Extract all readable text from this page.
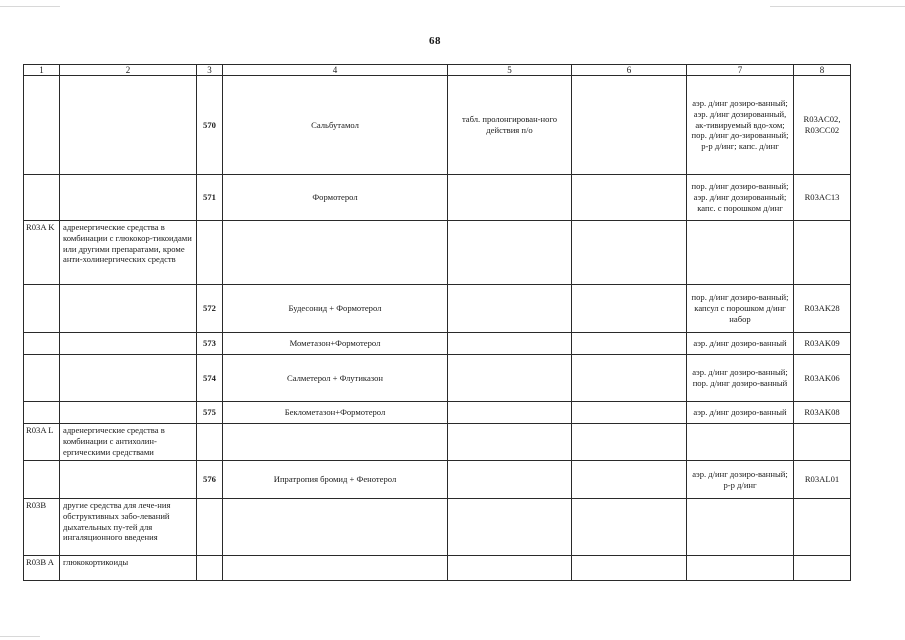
68
1	2	3	4	5	6	7	8
		570	Сальбутамол	табл. пролонгирован-ного действия п/о		аэр. д/инг дозиро-ванный; аэр. д/инг дозированный, ак-тивируемый вдо-хом; пор. д/инг до-зированный; р-р д/инг; капс. д/инг	R03AC02, R03CC02
		571	Формотерол			пор. д/инг дозиро-ванный; аэр. д/инг дозированный; капс. с порошком д/инг	R03AC13
R03A K	адренергические средства в комбинации с глюкокор-тикоидами или другими препаратами, кроме анти-холинергических средств						
		572	Будесонид + Формотерол			пор. д/инг дозиро-ванный; капсул с порошком д/инг набор	R03AK28
		573	Мометазон+Формотерол			аэр. д/инг дозиро-ванный	R03AK09
		574	Салметерол + Флутиказон			аэр. д/инг дозиро-ванный; пор. д/инг дозиро-ванный	R03AK06
		575	Беклометазон+Формотерол			аэр. д/инг дозиро-ванный	R03AK08
R03A L	адренергические средства в комбинации с антихолин-ергическими средствами						
		576	Ипратропия бромид + Фенотерол			аэр. д/инг дозиро-ванный; р-р д/инг	R03AL01
R03B	другие средства для лече-ния обструктивных забо-леваний дыхательных пу-тей для ингаляционного введения						
R03B A	глюкокортикоиды						
